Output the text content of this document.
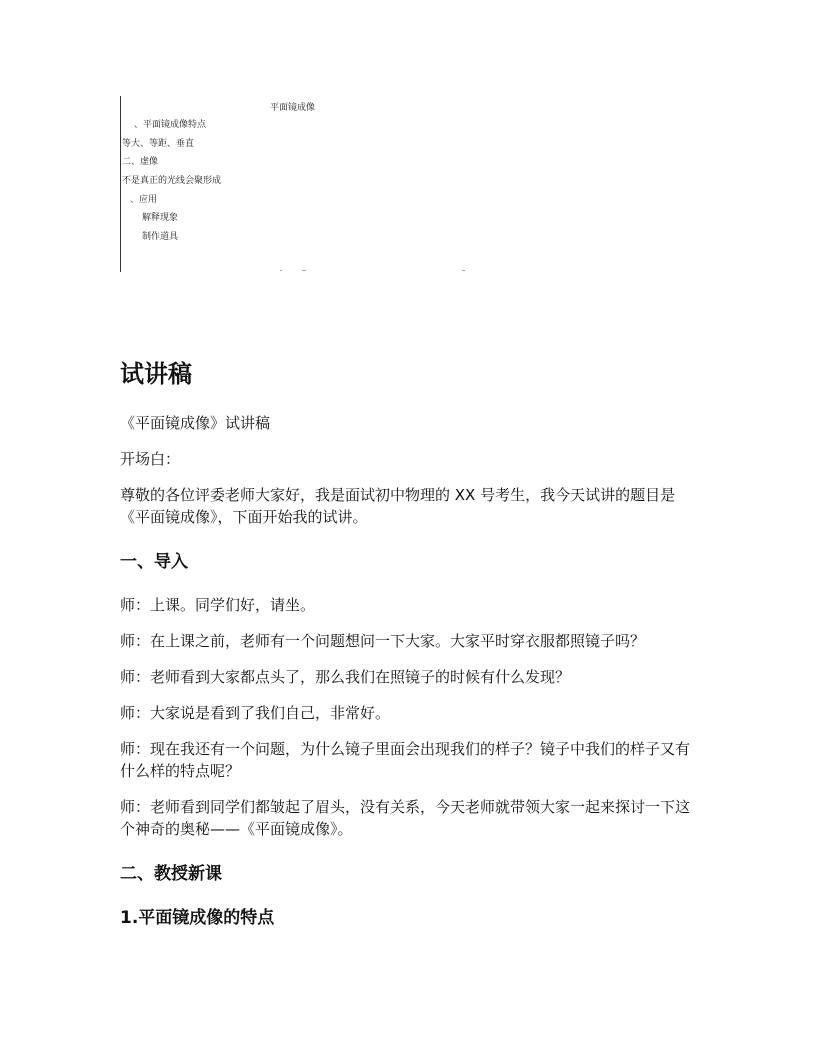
平面镜成像
、平面镜成像特点
等大、等距、垂直
二、虚像
不是真正的光线会聚形成
、应用
解释现象
制作道具
试讲稿

《平面镜成像》试讲稿

开场白：

尊敬的各位评委老师大家好，我是面试初中物理的 XX 号考生，我今天试讲的题目是《平面镜成像》，下面开始我的试讲。

一、导入

师：上课。同学们好，请坐。

师：在上课之前，老师有一个问题想问一下大家。大家平时穿衣服都照镜子吗？

师：老师看到大家都点头了，那么我们在照镜子的时候有什么发现？

师：大家说是看到了我们自己，非常好。

师：现在我还有一个问题，为什么镜子里面会出现我们的样子？镜子中我们的样子又有什么样的特点呢？

师：老师看到同学们都皱起了眉头，没有关系，今天老师就带领大家一起来探讨一下这个神奇的奥秘——《平面镜成像》。

二、教授新课
1.平面镜成像的特点
